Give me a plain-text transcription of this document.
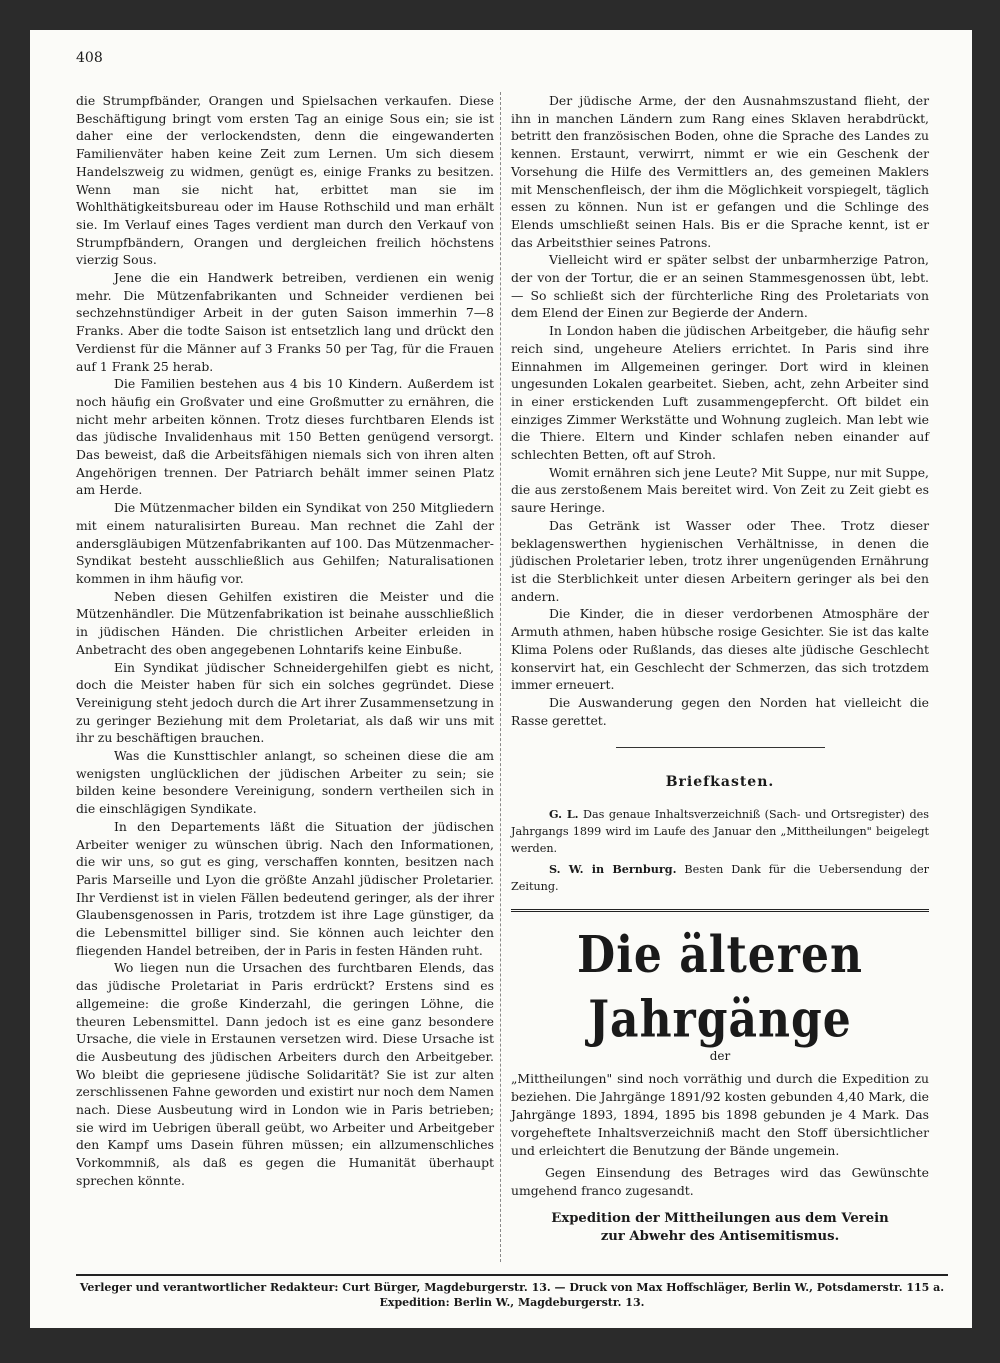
408

die Strumpfbänder, Orangen und Spielsachen verkaufen. Diese Beschäftigung bringt vom ersten Tag an einige Sous ein; sie ist daher eine der verlockendsten, denn die eingewanderten Familienväter haben keine Zeit zum Lernen. Um sich diesem Handelszweig zu widmen, genügt es, einige Franks zu besitzen. Wenn man sie nicht hat, erbittet man sie im Wohlthätigkeitsbureau oder im Hause Rothschild und man erhält sie. Im Verlauf eines Tages verdient man durch den Verkauf von Strumpfbändern, Orangen und dergleichen freilich höchstens vierzig Sous.

Jene die ein Handwerk betreiben, verdienen ein wenig mehr. Die Mützenfabrikanten und Schneider verdienen bei sechzehnstündiger Arbeit in der guten Saison immerhin 7—8 Franks. Aber die todte Saison ist entsetzlich lang und drückt den Verdienst für die Männer auf 3 Franks 50 per Tag, für die Frauen auf 1 Frank 25 herab.

Die Familien bestehen aus 4 bis 10 Kindern. Außerdem ist noch häufig ein Großvater und eine Großmutter zu ernähren, die nicht mehr arbeiten können. Trotz dieses furchtbaren Elends ist das jüdische Invalidenhaus mit 150 Betten genügend versorgt. Das beweist, daß die Arbeitsfähigen niemals sich von ihren alten Angehörigen trennen. Der Patriarch behält immer seinen Platz am Herde.

Die Mützenmacher bilden ein Syndikat von 250 Mitgliedern mit einem naturalisirten Bureau. Man rechnet die Zahl der andersgläubigen Mützenfabrikanten auf 100. Das Mützenmacher-Syndikat besteht ausschließlich aus Gehilfen; Naturalisationen kommen in ihm häufig vor.

Neben diesen Gehilfen existiren die Meister und die Mützenhändler. Die Mützenfabrikation ist beinahe ausschließlich in jüdischen Händen. Die christlichen Arbeiter erleiden in Anbetracht des oben angegebenen Lohntarifs keine Einbuße.

Ein Syndikat jüdischer Schneidergehilfen giebt es nicht, doch die Meister haben für sich ein solches gegründet. Diese Vereinigung steht jedoch durch die Art ihrer Zusammensetzung in zu geringer Beziehung mit dem Proletariat, als daß wir uns mit ihr zu beschäftigen brauchen.

Was die Kunsttischler anlangt, so scheinen diese die am wenigsten unglücklichen der jüdischen Arbeiter zu sein; sie bilden keine besondere Vereinigung, sondern vertheilen sich in die einschlägigen Syndikate.

In den Departements läßt die Situation der jüdischen Arbeiter weniger zu wünschen übrig. Nach den Informationen, die wir uns, so gut es ging, verschaffen konnten, besitzen nach Paris Marseille und Lyon die größte Anzahl jüdischer Proletarier. Ihr Verdienst ist in vielen Fällen bedeutend geringer, als der ihrer Glaubensgenossen in Paris, trotzdem ist ihre Lage günstiger, da die Lebensmittel billiger sind. Sie können auch leichter den fliegenden Handel betreiben, der in Paris in festen Händen ruht.

Wo liegen nun die Ursachen des furchtbaren Elends, das das jüdische Proletariat in Paris erdrückt? Erstens sind es allgemeine: die große Kinderzahl, die geringen Löhne, die theuren Lebensmittel. Dann jedoch ist es eine ganz besondere Ursache, die viele in Erstaunen versetzen wird. Diese Ursache ist die Ausbeutung des jüdischen Arbeiters durch den Arbeitgeber. Wo bleibt die gepriesene jüdische Solidarität? Sie ist zur alten zerschlissenen Fahne geworden und existirt nur noch dem Namen nach. Diese Ausbeutung wird in London wie in Paris betrieben; sie wird im Uebrigen überall geübt, wo Arbeiter und Arbeitgeber den Kampf ums Dasein führen müssen; ein allzumenschliches Vorkommniß, als daß es gegen die Humanität überhaupt sprechen könnte.

Der jüdische Arme, der den Ausnahmszustand flieht, der ihn in manchen Ländern zum Rang eines Sklaven herabdrückt, betritt den französischen Boden, ohne die Sprache des Landes zu kennen. Erstaunt, verwirrt, nimmt er wie ein Geschenk der Vorsehung die Hilfe des Vermittlers an, des gemeinen Maklers mit Menschenfleisch, der ihm die Möglichkeit vorspiegelt, täglich essen zu können. Nun ist er gefangen und die Schlinge des Elends umschließt seinen Hals. Bis er die Sprache kennt, ist er das Arbeitsthier seines Patrons.

Vielleicht wird er später selbst der unbarmherzige Patron, der von der Tortur, die er an seinen Stammesgenossen übt, lebt. — So schließt sich der fürchterliche Ring des Proletariats von dem Elend der Einen zur Begierde der Andern.

In London haben die jüdischen Arbeitgeber, die häufig sehr reich sind, ungeheure Ateliers errichtet. In Paris sind ihre Einnahmen im Allgemeinen geringer. Dort wird in kleinen ungesunden Lokalen gearbeitet. Sieben, acht, zehn Arbeiter sind in einer erstickenden Luft zusammengepfercht. Oft bildet ein einziges Zimmer Werkstätte und Wohnung zugleich. Man lebt wie die Thiere. Eltern und Kinder schlafen neben einander auf schlechten Betten, oft auf Stroh.

Womit ernähren sich jene Leute? Mit Suppe, nur mit Suppe, die aus zerstoßenem Mais bereitet wird. Von Zeit zu Zeit giebt es saure Heringe.

Das Getränk ist Wasser oder Thee. Trotz dieser beklagenswerthen hygienischen Verhältnisse, in denen die jüdischen Proletarier leben, trotz ihrer ungenügenden Ernährung ist die Sterblichkeit unter diesen Arbeitern geringer als bei den andern.

Die Kinder, die in dieser verdorbenen Atmosphäre der Armuth athmen, haben hübsche rosige Gesichter. Sie ist das kalte Klima Polens oder Rußlands, das dieses alte jüdische Geschlecht konservirt hat, ein Geschlecht der Schmerzen, das sich trotzdem immer erneuert.

Die Auswanderung gegen den Norden hat vielleicht die Rasse gerettet.

Briefkasten.

G. L. Das genaue Inhaltsverzeichniß (Sach- und Ortsregister) des Jahrgangs 1899 wird im Laufe des Januar den „Mittheilungen" beigelegt werden.

S. W. in Bernburg. Besten Dank für die Uebersendung der Zeitung.

Die älteren Jahrgänge
der

„Mittheilungen" sind noch vorräthig und durch die Expedition zu beziehen. Die Jahrgänge 1891/92 kosten gebunden 4,40 Mark, die Jahrgänge 1893, 1894, 1895 bis 1898 gebunden je 4 Mark. Das vorgeheftete Inhaltsverzeichniß macht den Stoff übersichtlicher und erleichtert die Benutzung der Bände ungemein.

Gegen Einsendung des Betrages wird das Gewünschte umgehend franco zugesandt.

Expedition der Mittheilungen aus dem Verein
zur Abwehr des Antisemitismus.
Verleger und verantwortlicher Redakteur: Curt Bürger, Magdeburgerstr. 13. — Druck von Max Hoffschläger, Berlin W., Potsdamerstr. 115 a.
Expedition: Berlin W., Magdeburgerstr. 13.
